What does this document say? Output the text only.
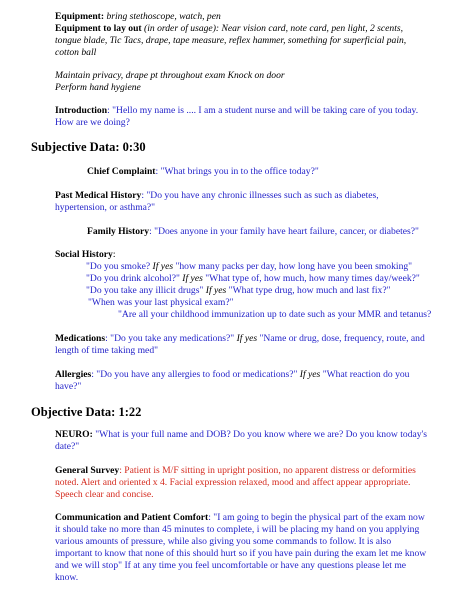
Equipment: bring stethoscope, watch, pen
Equipment to lay out (in order of usage): Near vision card, note card, pen light, 2 scents,
tongue blade, Tic Tacs, drape, tape measure, reflex hammer, something for superficial pain,
cotton ball
Maintain privacy, drape pt throughout exam Knock on door
Perform hand hygiene
Introduction: "Hello my name is .... I am a student nurse and will be taking care of you today.
How are we doing?
Subjective Data: 0:30
Chief Complaint: "What brings you in to the office today?"
Past Medical History: "Do you have any chronic illnesses such as such as diabetes,
hypertension, or asthma?"
Family History: "Does anyone in your family have heart failure, cancer, or diabetes?"
Social History:
"Do you smoke? If yes "how many packs per day, how long have you been smoking"
"Do you drink alcohol?" If yes "What type of, how much, how many times day/week?"
"Do you take any illicit drugs" If yes "What type drug, how much and last fix?"
"When was your last physical exam?"
"Are all your childhood immunization up to date such as your MMR and tetanus?
Medications: "Do you take any medications?" If yes "Name or drug, dose, frequency, route, and
length of time taking med"
Allergies: "Do you have any allergies to food or medications?" If yes "What reaction do you
have?"
Objective Data: 1:22
NEURO: "What is your full name and DOB? Do you know where we are? Do you know today's
date?"
General Survey: Patient is M/F sitting in upright position, no apparent distress or deformities
noted. Alert and oriented x 4. Facial expression relaxed, mood and affect appear appropriate.
Speech clear and concise.
Communication and Patient Comfort: "I am going to begin the physical part of the exam now
it should take no more than 45 minutes to complete, i will be placing my hand on you applying
various amounts of pressure, while also giving you some commands to follow. It is also
important to know that none of this should hurt so if you have pain during the exam let me know
and we will stop" If at any time you feel uncomfortable or have any questions please let me
know.
